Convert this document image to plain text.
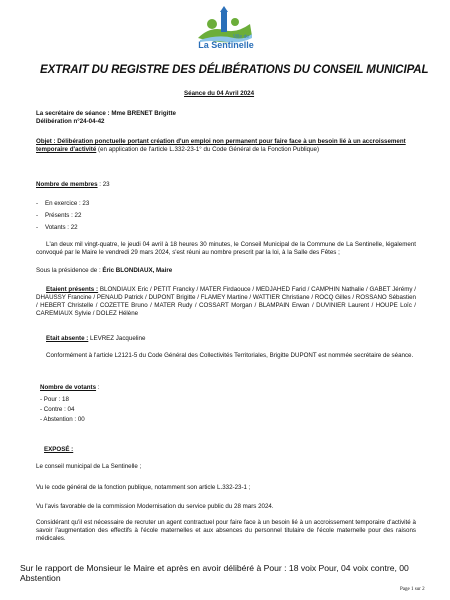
Ville de
La Sentinelle
EXTRAIT DU REGISTRE DES DÉLIBÉRATIONS DU CONSEIL MUNICIPAL
Séance du 04 Avril 2024
La secrétaire de séance : Mme BRENET Brigitte
Délibération n°24-04-42
Objet : Délibération ponctuelle portant création d'un emploi non permanent pour faire face à un besoin lié à un accroissement temporaire d'activité (en application de l'article L.332-23-1° du Code Général de la Fonction Publique)
Nombre de membres : 23
-    En exercice : 23
-    Présents : 22
-    Votants : 22
L'an deux mil vingt-quatre, le jeudi 04 avril à 18 heures 30 minutes, le Conseil Municipal de la Commune de La Sentinelle, légalement convoqué par le Maire le vendredi 29 mars 2024, s'est réuni au nombre prescrit par la loi, à la Salle des Fêtes ;
Sous la présidence de : Éric BLONDIAUX, Maire
Etaient présents : BLONDIAUX Eric / PETIT Francky / MATER Firdaouce / MEDJAHED Farid / CAMPHIN Nathalie / GABET Jérémy / DHAUSSY Francine / PENAUD Patrick / DUPONT Brigitte / FLAMEY Martine / WATTIER Christiane / ROCQ Gilles / ROSSANO Sébastien / HEBERT Christelle / COZETTE Bruno / MATER Rudy / COSSART Morgan / BLAMPAIN Erwan / DUVINIER Laurent / HOUPE Loïc / CAREMIAUX Sylvie / DOLEZ Hélène
Etait absente : LEVREZ Jacqueline
Conformément à l'article L2121-5 du Code Général des Collectivités Territoriales, Brigitte DUPONT est nommée secrétaire de séance.
Nombre de votants :
- Pour : 18
- Contre : 04
- Abstention : 00
EXPOSÉ :
Le conseil municipal de La Sentinelle ;
Vu le code général de la fonction publique, notamment son article L.332-23-1 ;
Vu l'avis favorable de la commission Modernisation du service public du 28 mars 2024.
Considérant qu'il est nécessaire de recruter un agent contractuel pour faire face à un besoin lié à un accroissement temporaire d'activité à savoir l'augmentation des effectifs à l'école maternelles et aux absences du personnel titulaire de l'école maternelle pour des raisons médicales.
Sur le rapport de Monsieur le Maire et après en avoir délibéré à Pour : 18 voix Pour, 04 voix contre, 00 Abstention
Page 1 sur 2
